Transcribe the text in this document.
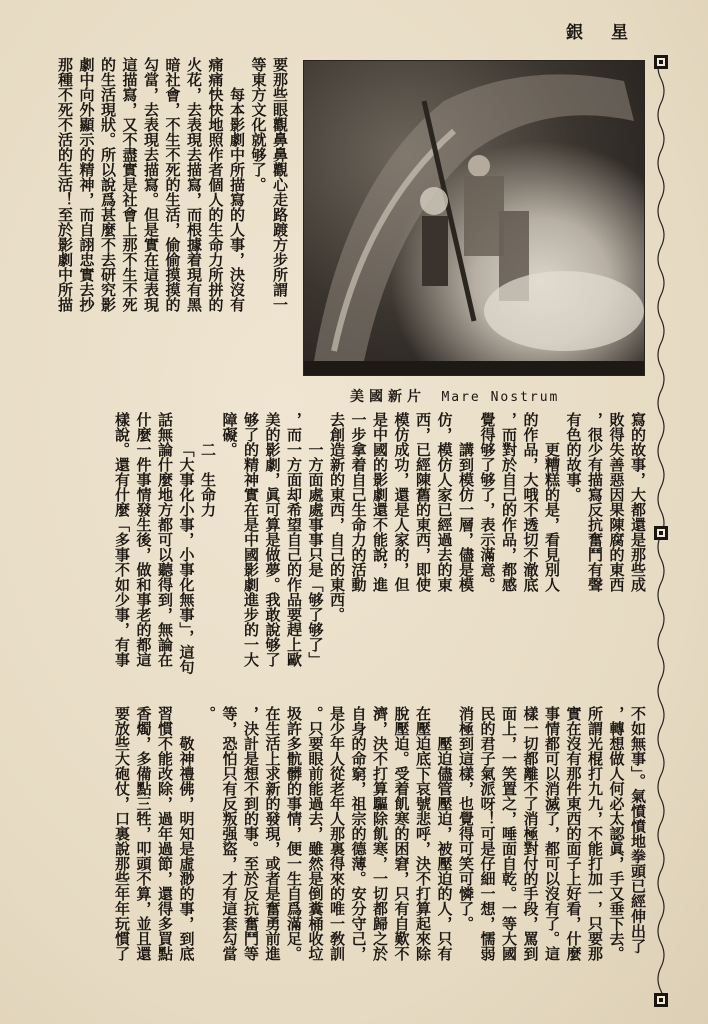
銀星
美國新片 Mare Nostrum

要那些眼觀鼻鼻觀心走路踱方步所謂一

等東方文化就够了。

每本影劇中所描寫的人事，決沒有

痛痛快快地照作者個人的生命力所拼的

火花，去表現去描寫，而根據着現有黑

暗社會，不生不死的生活，偷偷摸摸的

勾當，去表現去描寫。但是實在這表現

這描寫，又不盡實是社會上那不生不死

的生活現狀。所以說爲甚麼不去研究影

劇中向外顯示的精神，而自詡忠實去抄

那種不死不活的生活！至於影劇中所描

寫的故事，大都還是那些成

敗得失善惡因果陳腐的東西

，很少有描寫反抗奮鬥有聲

有色的故事。

更糟糕的是，看見別人

的作品，大哦不透切不澈底

，而對於自己的作品，都感

覺得够了够了，表示滿意。

講到模仿一層，儘是模

仿，模仿人家已經過去的東

西，已經陳舊的東西，即使

模仿成功，還是人家的，但

是中國的影劇還不能說，進

一步拿着自己生命力的活動

去創造新的東西，自己的東西。

一方面處處事事只是「够了够了」

，而一方面却希望自己的作品要趕上歐

美的影劇，眞可算是做夢。我敢說够了

够了的精神實在是中國影劇進步的一大

障礙。

二　生命力

「大事化小事，小事化無事」，這句

話無論什麼地方都可以聽得到，無論在

什麼一件事情發生後，做和事老的都這

樣說。還有什麼「多事不如少事，有事

不如無事」。氣憤憤地拳頭已經伸出了

，轉想做人何必太認眞，手又垂下去。

所謂光棍打九九，不能打加一，只要那

實在沒有那件東西的面子上好看，什麼

事情都可以消滅了，都可以沒有了。這

樣一切都離不了消極對付的手段，罵到

面上，一笑置之，唾面自乾。一等大國

民的君子氣派呀！可是仔細一想，懦弱

消極到這樣，也覺得可笑可憐了。

壓迫儘管壓迫，被壓迫的人，只有

在壓迫底下哀號悲呼，決不打算起來除

脫壓迫。受着飢寒的困窘，只有自歎不

濟，決不打算驅除飢寒，一切都歸之於

自身的命窮，祖宗的德薄。安分守己，

是少年人從老年人那裏得來的唯一敎訓

。只要眼前能過去，雖然是倒糞桶收垃

圾許多骯髒的事情，便一生自爲滿足。

在生活上求新的發現，或者是奮勇前進

，決計是想不到的事。至於反抗奮鬥等

等，恐怕只有反叛强盜，才有這套勾當

。

敬神禮佛，明知是虛渺的事，到底

習慣不能改除，過年過節，還得多買點

香燭，多備點三牲，叩頭不算，並且還

要放些大砲仗，口裏說那些年年玩慣了
